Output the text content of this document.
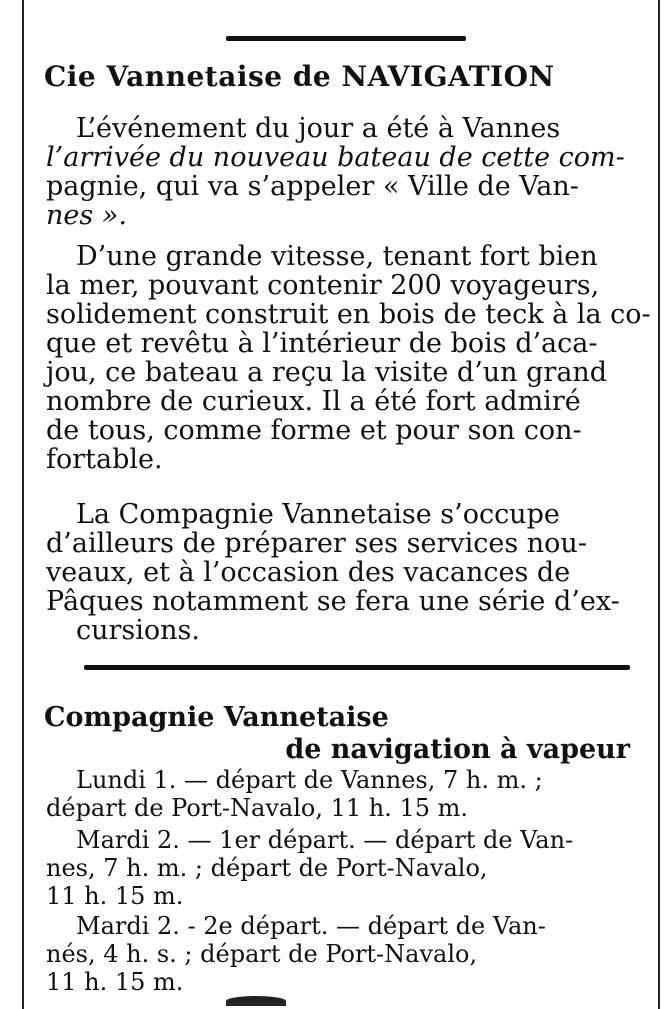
Cie Vannetaise de NAVIGATION
L’événement du jour a été à Vannes
l’arrivée du nouveau bateau de cette com-
pagnie, qui va s’appeler « Ville de Van-
nes ».
D’une grande vitesse, tenant fort bien
la mer, pouvant contenir 200 voyageurs,
solidement construit en bois de teck à la co-
que et revêtu à l’intérieur de bois d’aca-
jou, ce bateau a reçu la visite d’un grand
nombre de curieux. Il a été fort admiré
de tous, comme forme et pour son con-
fortable.
La Compagnie Vannetaise s’occupe
d’ailleurs de préparer ses services nou-
veaux, et à l’occasion des vacances de
Pâques notamment se fera une série d’ex-
cursions.
Compagnie Vannetaise
de navigation à vapeur
Lundi 1. — départ de Vannes, 7 h. m. ;
départ de Port-Navalo, 11 h. 15 m.
Mardi 2. — 1er départ. — départ de Van-
nes, 7 h. m. ; départ de Port-Navalo,
11 h. 15 m.
Mardi 2. - 2e départ. — départ de Van-
nés, 4 h. s. ; départ de Port-Navalo,
11 h. 15 m.
